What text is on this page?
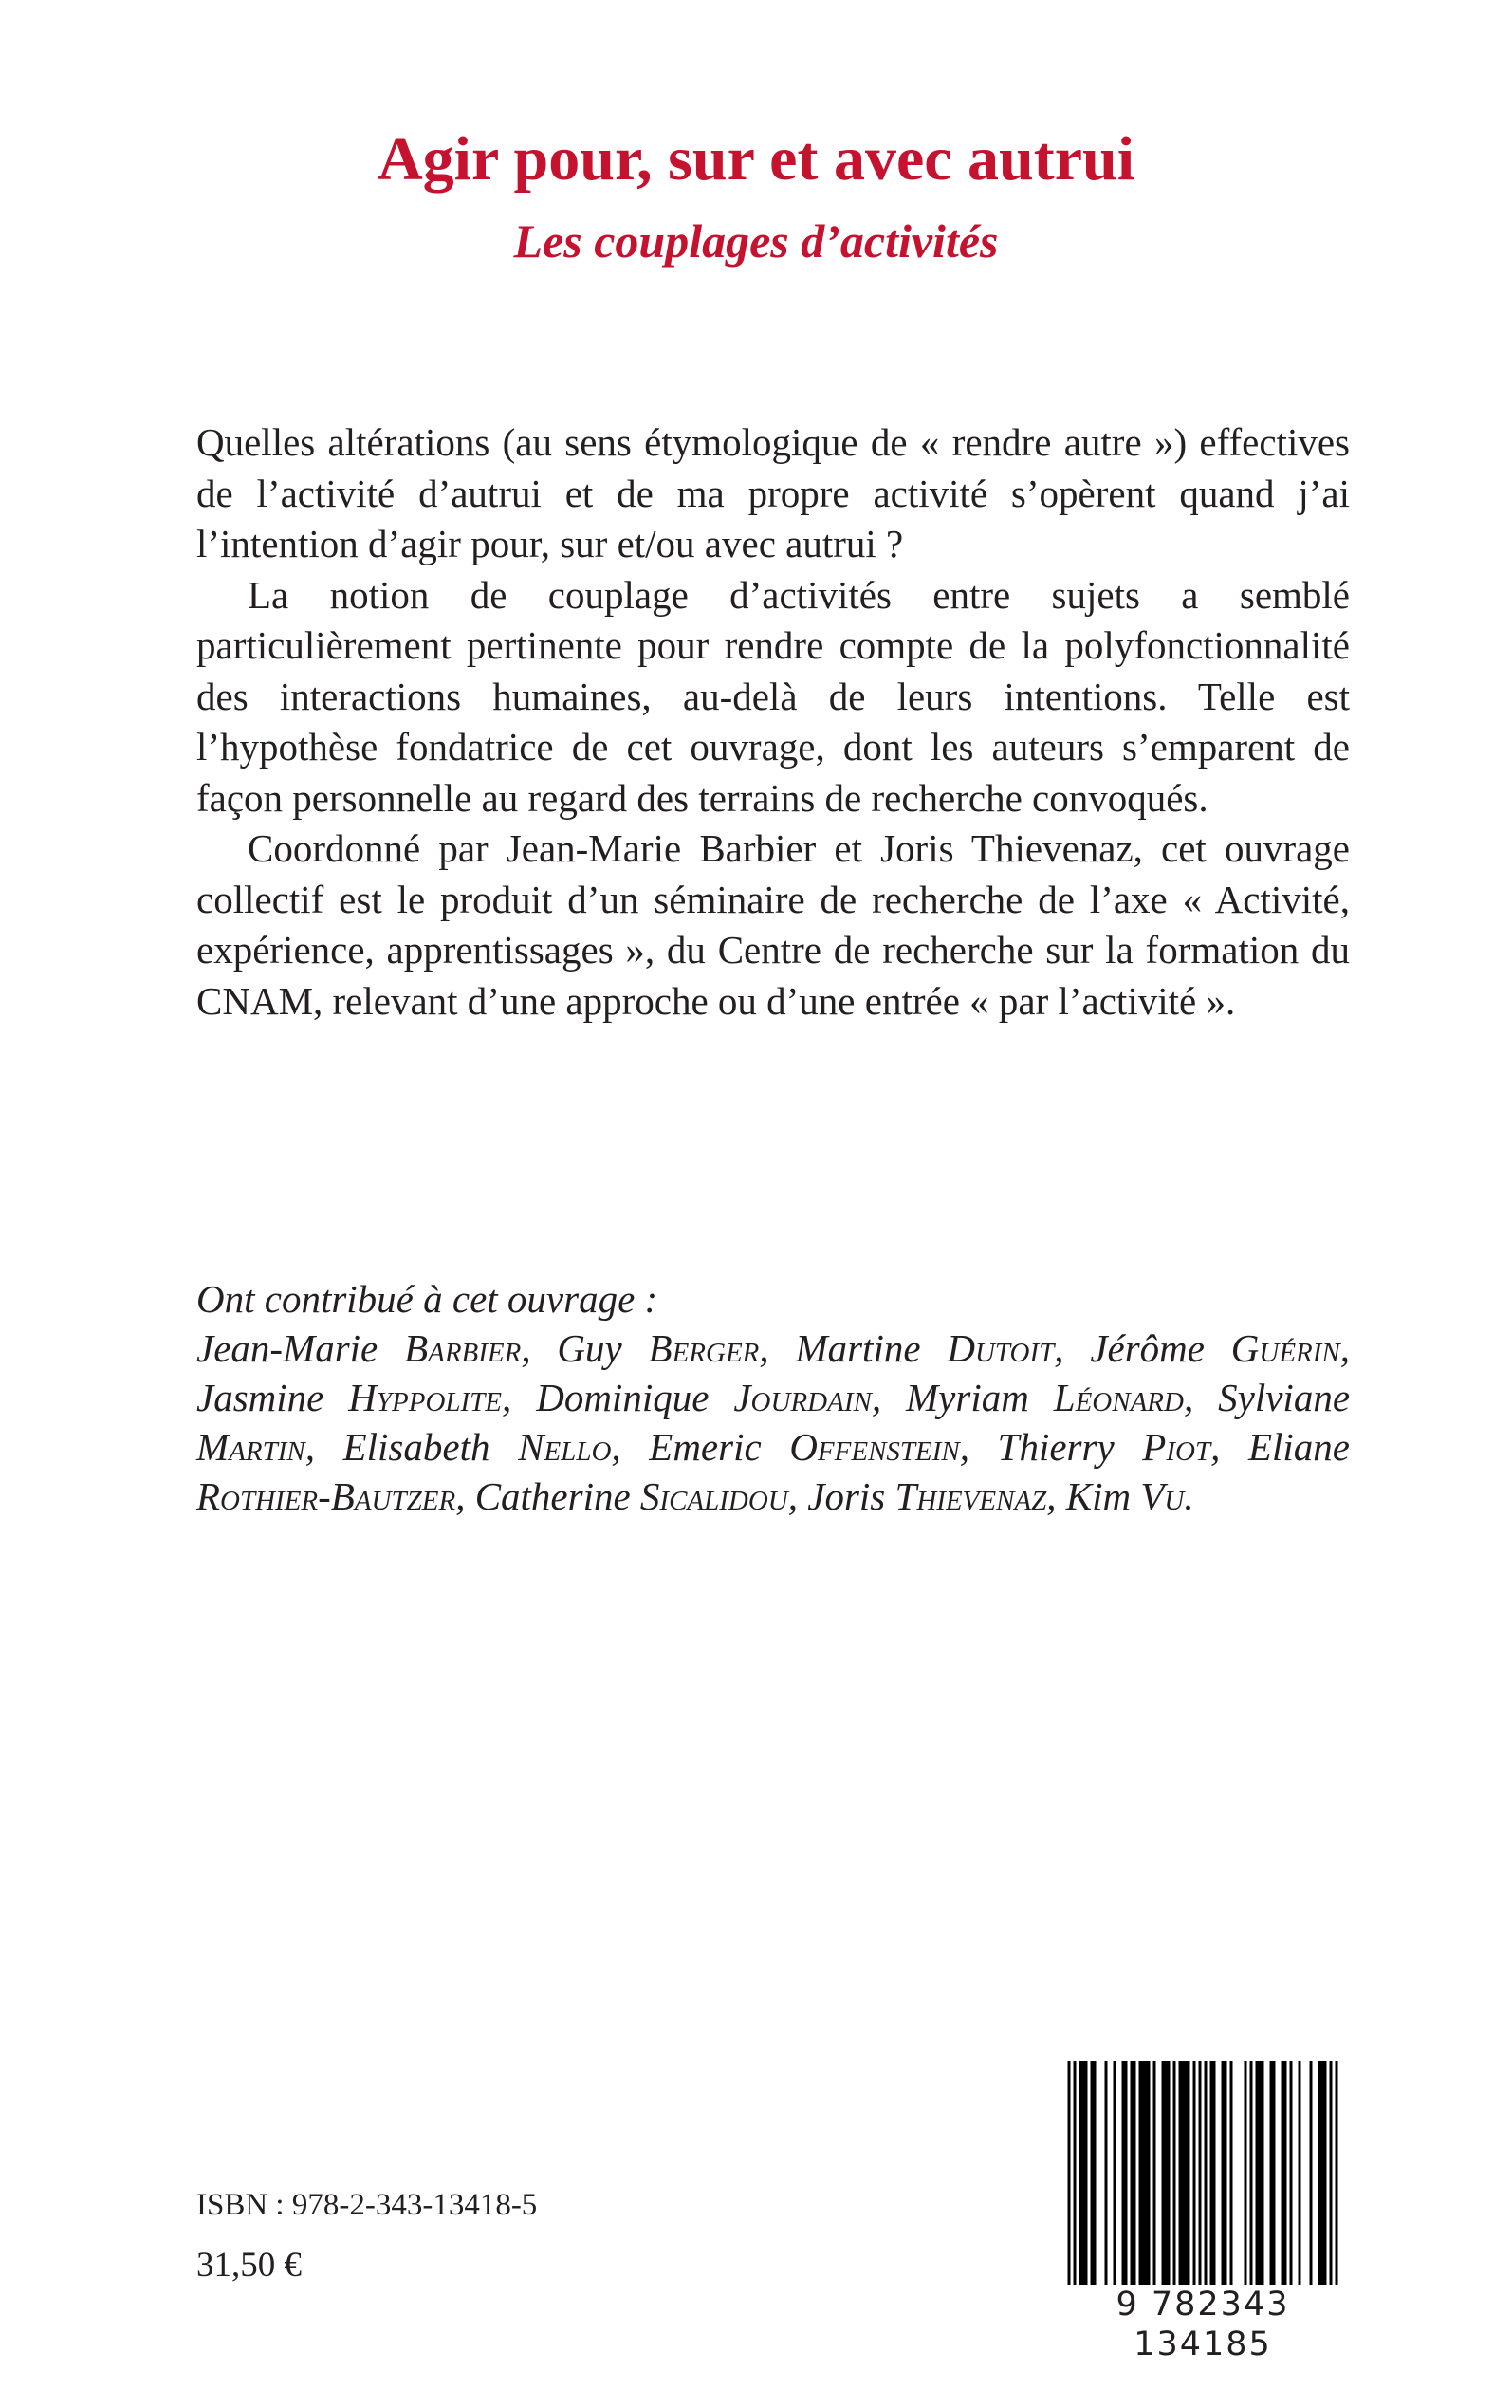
Agir pour, sur et avec autrui
Les couplages d’activités

Quelles altérations (au sens étymologique de « rendre autre ») effectives de l’activité d’autrui et de ma propre activité s’opèrent quand j’ai l’intention d’agir pour, sur et/ou avec autrui ?

La notion de couplage d’activités entre sujets a semblé particulièrement pertinente pour rendre compte de la polyfonctionnalité des interactions humaines, au-delà de leurs intentions. Telle est l’hypothèse fondatrice de cet ouvrage, dont les auteurs s’emparent de façon personnelle au regard des terrains de recherche convoqués.

Coordonné par Jean-Marie Barbier et Joris Thievenaz, cet ouvrage collectif est le produit d’un séminaire de recherche de l’axe « Activité, expérience, apprentissages », du Centre de recherche sur la formation du CNAM, relevant d’une approche ou d’une entrée « par l’activité ».

Ont contribué à cet ouvrage :
Jean-Marie Barbier, Guy Berger, Martine Dutoit, Jérôme Guérin, Jasmine Hyppolite, Dominique Jourdain, Myriam Léonard, Sylviane Martin, Elisabeth Nello, Emeric Offenstein, Thierry Piot, Eliane Rothier-Bautzer, Catherine Sicalidou, Joris Thievenaz, Kim Vu.
ISBN : 978-2-343-13418-5
31,50 €
9 782343 134185
